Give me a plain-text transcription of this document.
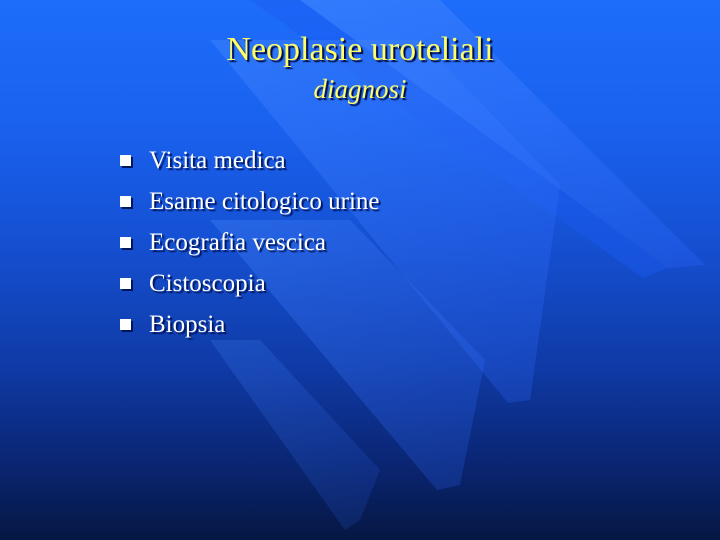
Neoplasie uroteliali
diagnosi
Visita medica
Esame citologico urine
Ecografia vescica
Cistoscopia
Biopsia
